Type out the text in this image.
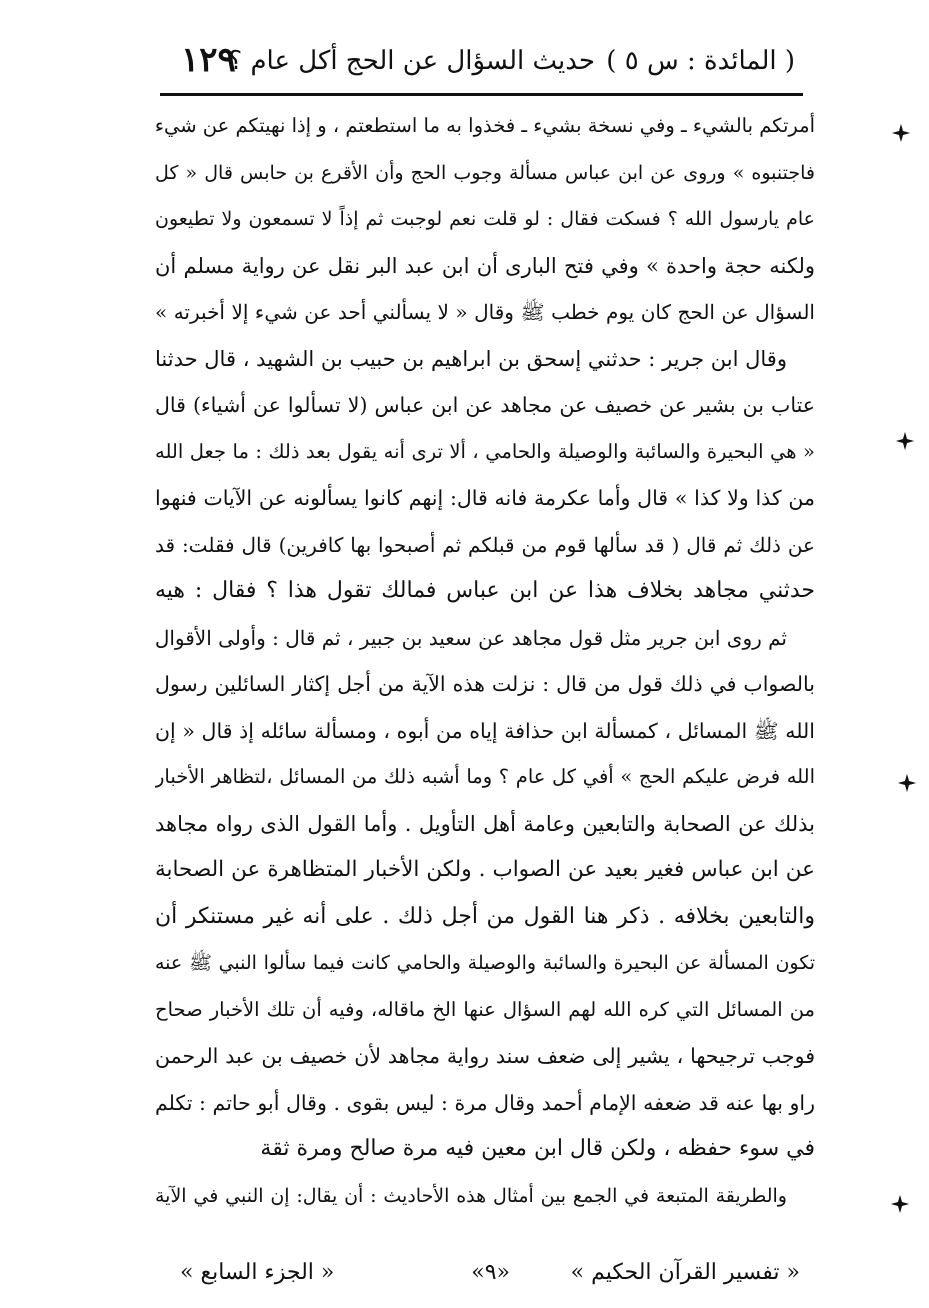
( المائدة : س ٥ )
حديث السؤال عن الحج أكل عام ؟
١٢٩
أمرتكم بالشيء ـ وفي نسخة بشيء ـ فخذوا به ما استطعتم ، و إذا نهيتكم عن شيء
فاجتنبوه » وروى عن ابن عباس مسألة وجوب الحج وأن الأقرع بن حابس قال « كل
عام يارسول الله ؟ فسكت فقال : لو قلت نعم لوجبت ثم إذاً لا تسمعون ولا تطيعون
ولكنه حجة واحدة » وفي فتح البارى أن ابن عبد البر نقل عن رواية مسلم أن
السؤال عن الحج كان يوم خطب ﷺ وقال « لا يسألني أحد عن شيء إلا أخبرته »
وقال ابن جرير : حدثني إسحق بن ابراهيم بن حبيب بن الشهيد ، قال حدثنا
عتاب بن بشير عن خصيف عن مجاهد عن ابن عباس (لا تسألوا عن أشياء) قال
« هي البحيرة والسائبة والوصيلة والحامي ، ألا ترى أنه يقول بعد ذلك : ما جعل الله
من كذا ولا كذا » قال وأما عكرمة فانه قال: إنهم كانوا يسألونه عن الآيات فنهوا
عن ذلك ثم قال ( قد سألها قوم من قبلكم ثم أصبحوا بها كافرين) قال فقلت: قد
حدثني مجاهد بخلاف هذا عن ابن عباس فمالك تقول هذا ؟ فقال : هيه
ثم روى ابن جرير مثل قول مجاهد عن سعيد بن جبير ، ثم قال : وأولى الأقوال
بالصواب في ذلك قول من قال : نزلت هذه الآية من أجل إكثار السائلين رسول
الله ﷺ المسائل ، كمسألة ابن حذافة إياه من أبوه ، ومسألة سائله إذ قال « إن
الله فرض عليكم الحج » أفي كل عام ؟ وما أشبه ذلك من المسائل ،لتظاهر الأخبار
بذلك عن الصحابة والتابعين وعامة أهل التأويل . وأما القول الذى رواه مجاهد
عن ابن عباس فغير بعيد عن الصواب . ولكن الأخبار المتظاهرة عن الصحابة
والتابعين بخلافه . ذكر هنا القول من أجل ذلك . على أنه غير مستنكر أن
تكون المسألة عن البحيرة والسائبة والوصيلة والحامي كانت فيما سألوا النبي ﷺ عنه
من المسائل التي كره الله لهم السؤال عنها الخ ماقاله، وفيه أن تلك الأخبار صحاح
فوجب ترجيحها ، يشير إلى ضعف سند رواية مجاهد لأن خصيف بن عبد الرحمن
راو بها عنه قد ضعفه الإمام أحمد وقال مرة : ليس بقوى . وقال أبو حاتم : تكلم
في سوء حفظه ، ولكن قال ابن معين فيه مرة صالح ومرة ثقة
والطريقة المتبعة في الجمع بين أمثال هذه الأحاديث : أن يقال: إن النبي في الآية
« تفسير القرآن الحكيم »
«٩»
« الجزء السابع »
